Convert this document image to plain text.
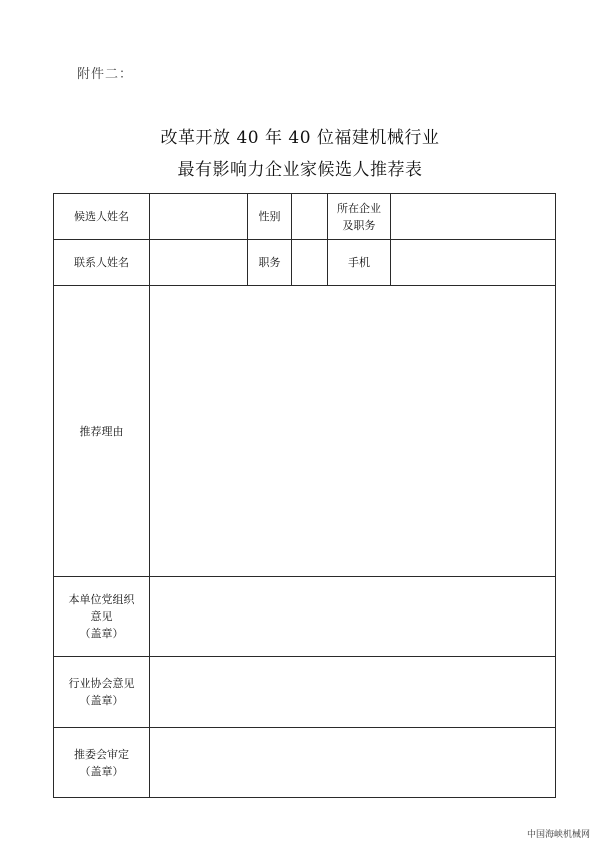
附件二：
改革开放 40 年 40 位福建机械行业
最有影响力企业家候选人推荐表
候选人姓名		性别		所在企业
及职务	

联系人姓名		职务		手机	
推荐理由					

本单位党组织
意见
（盖章）					

行业协会意见
（盖章）					

推委会审定
（盖章）					

中国海峡机械网
